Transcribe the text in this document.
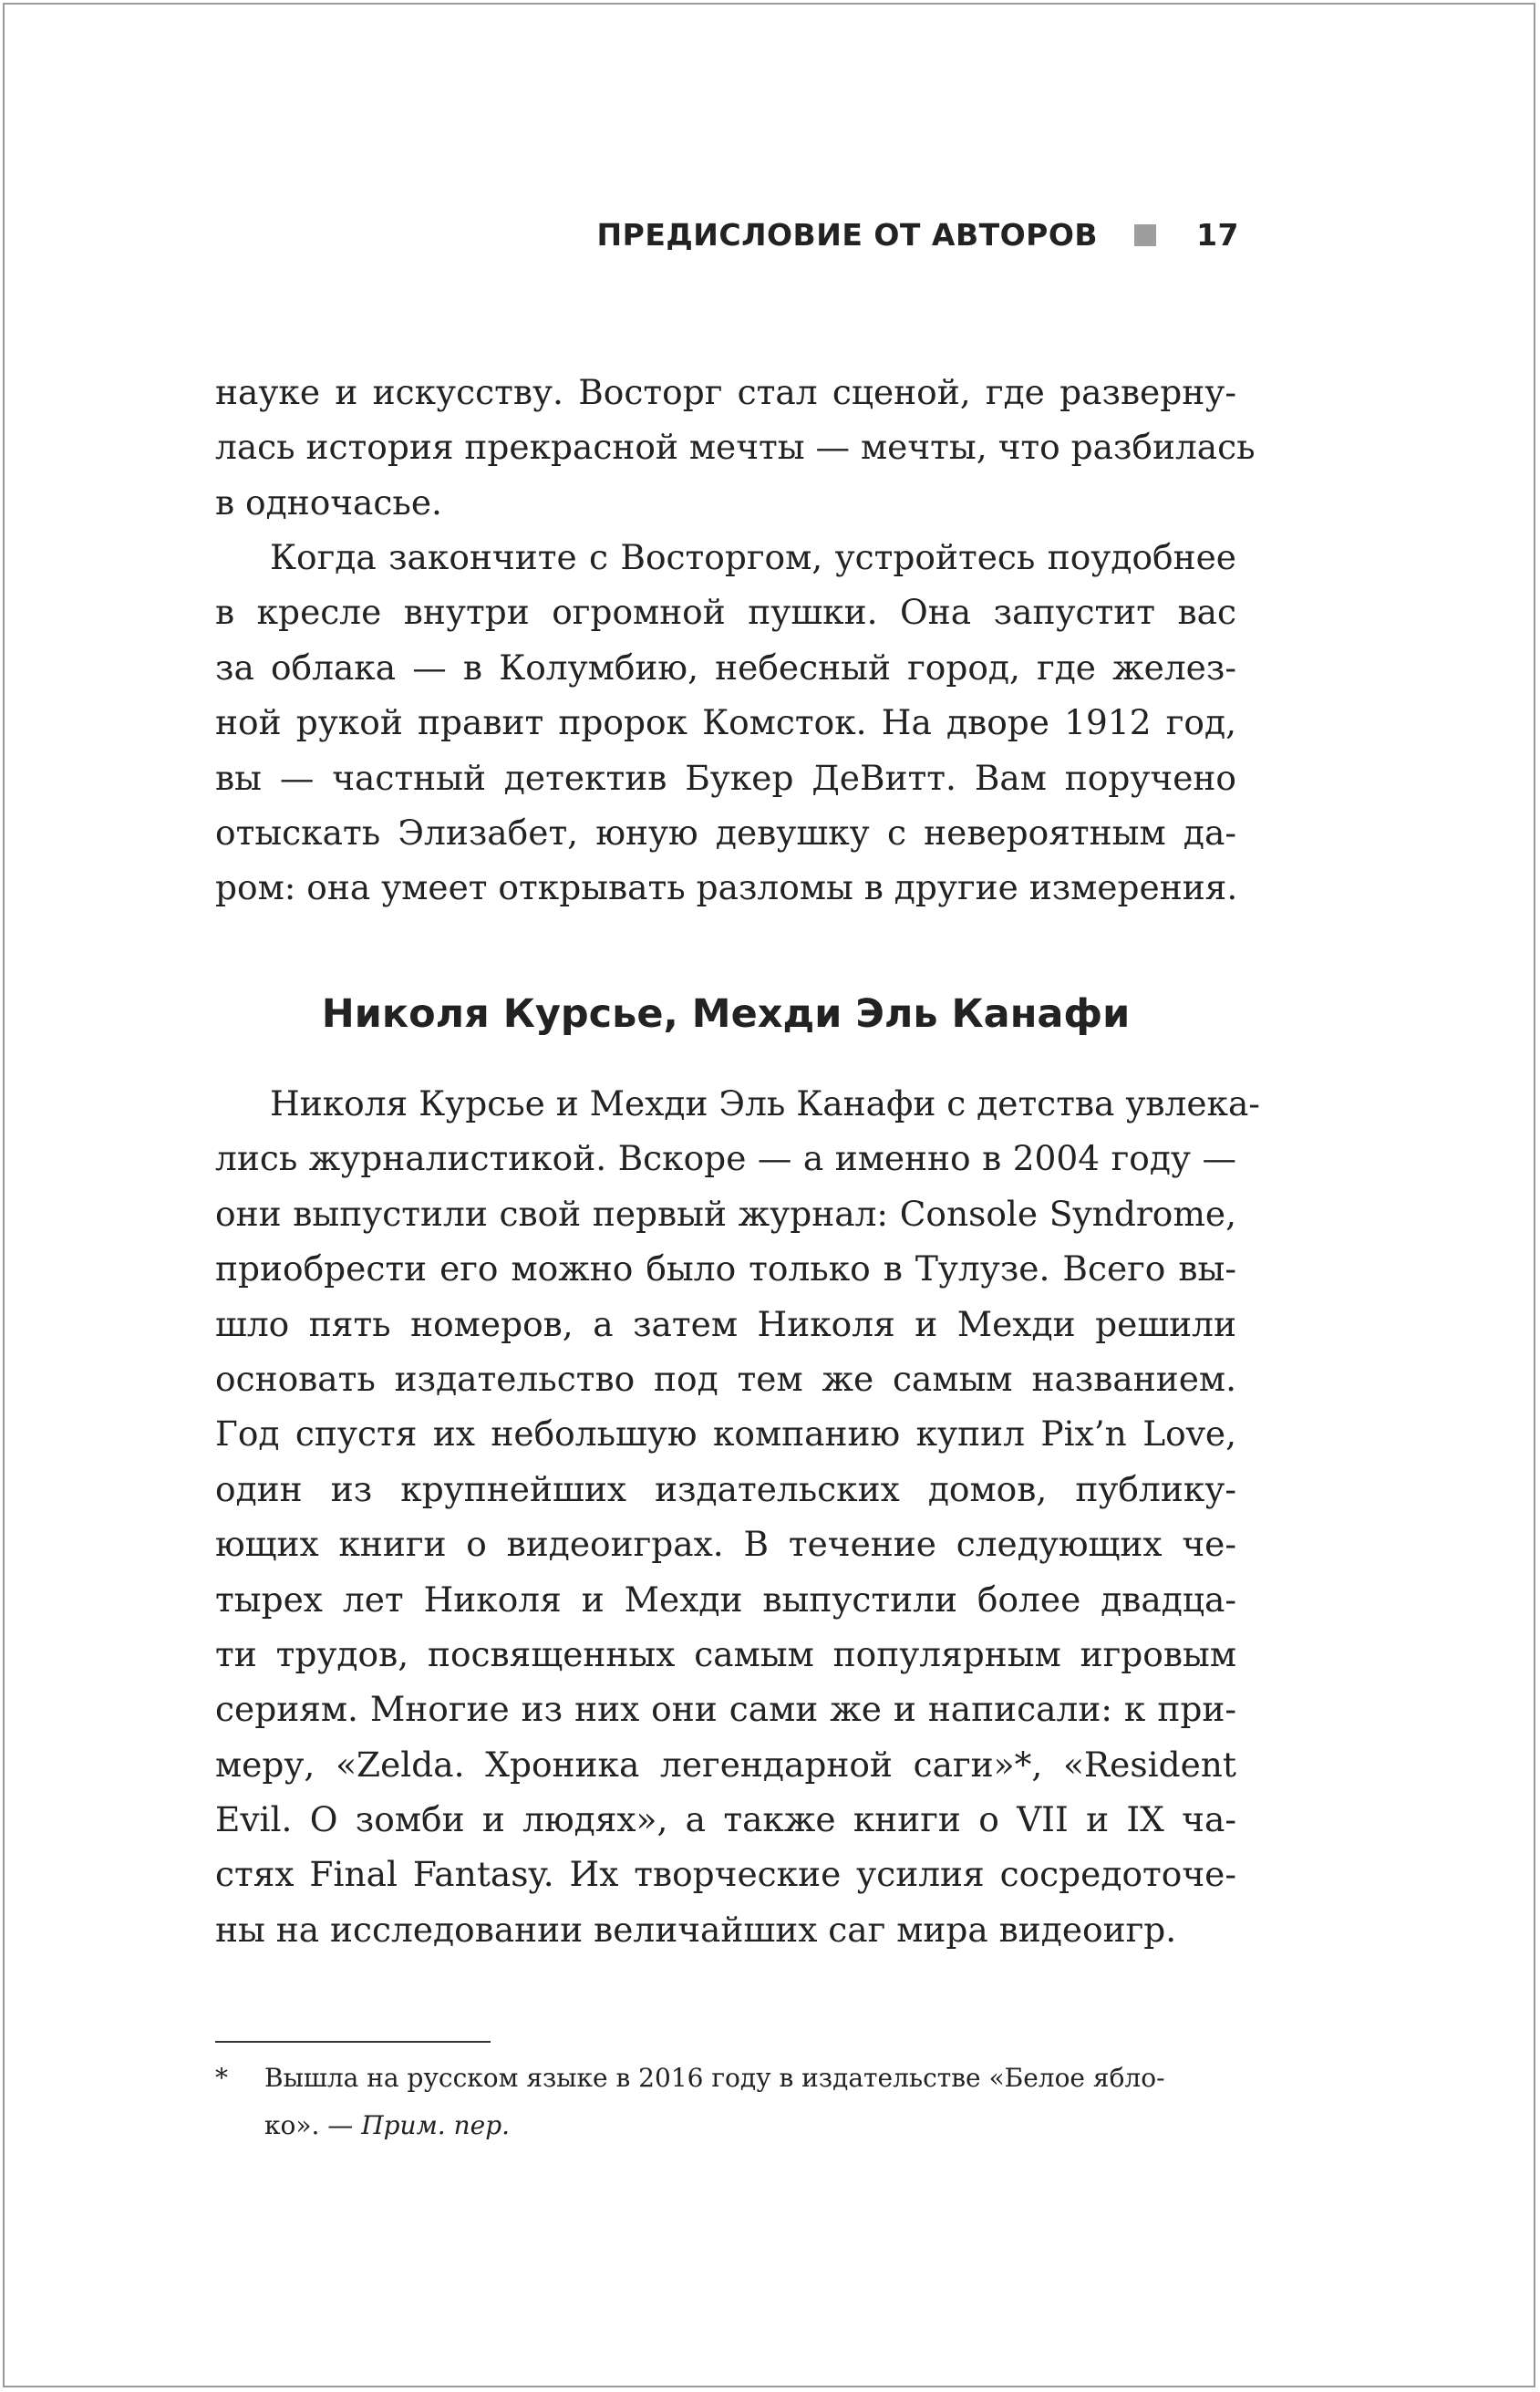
ПРЕДИСЛОВИЕ ОТ АВТОРОВ	17
науке и искусству. Восторг стал сценой, где разверну-
лась история прекрасной мечты — мечты, что разбилась
в одночасье.
Когда закончите с Восторгом, устройтесь поудобнее
в кресле внутри огромной пушки. Она запустит вас
за облака — в Колумбию, небесный город, где желез-
ной рукой правит пророк Комсток. На дворе 1912 год,
вы — частный детектив Букер ДеВитт. Вам поручено
отыскать Элизабет, юную девушку с невероятным да-
ром: она умеет открывать разломы в другие измерения.
Николя Курсье, Мехди Эль Канафи
Николя Курсье и Мехди Эль Канафи с детства увлека-
лись журналистикой. Вскоре — а именно в 2004 году —
они выпустили свой первый журнал: Console Syndrome,
приобрести его можно было только в Тулузе. Всего вы-
шло пять номеров, а затем Николя и Мехди решили
основать издательство под тем же самым названием.
Год спустя их небольшую компанию купил Pix’n Love,
один из крупнейших издательских домов, публику-
ющих книги о видеоиграх. В течение следующих че-
тырех лет Николя и Мехди выпустили более двадца-
ти трудов, посвященных самым популярным игровым
сериям. Многие из них они сами же и написали: к при-
меру, «Zelda. Хроника легендарной саги»*, «Resident
Evil. О зомби и людях», а также книги о VII и IX ча-
стях Final Fantasy. Их творческие усилия сосредоточе-
ны на исследовании величайших саг мира видеоигр.
* Вышла на русском языке в 2016 году в издательстве «Белое ябло-
ко». — Прим. пер.
